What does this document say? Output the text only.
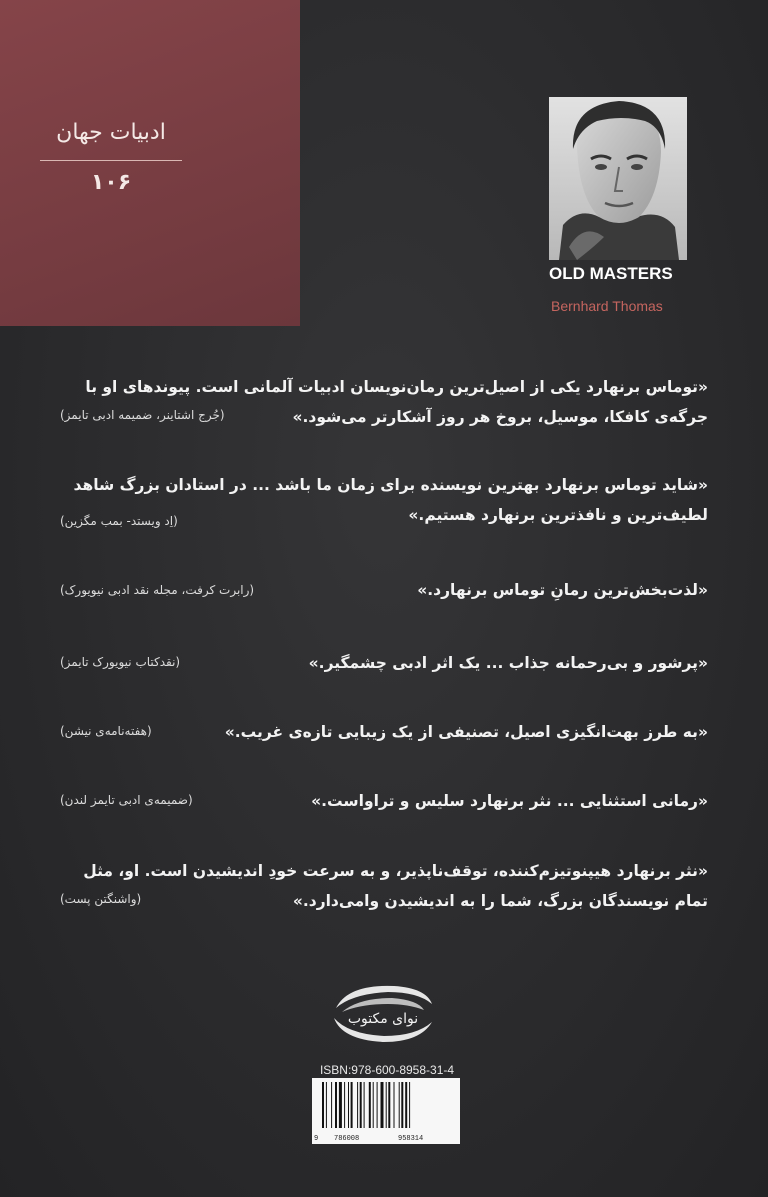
ادبیات جهان
۱۰۶
OLD MASTERS
Bernhard Thomas
«توماس برنهارد یکی از اصیل‌ترین رمان‌نویسان ادبیات آلمانی است. پیوندهای او با
جرگه‌ی کافکا، موسیل، بروخ هر روز آشکارتر می‌شود.»
(جُرج اشتاینر، ضمیمه ادبی تایمز)
«شاید توماس برنهارد بهترین نویسنده برای زمان ما باشد ... در استادان بزرگ شاهد
لطیف‌ترین و نافذترین برنهارد هستیم.»
(اِد ویستد- بمب مگزین)
«لذت‌بخش‌ترین رمانِ توماس برنهارد.»
(رابرت کرفت، مجله نقد ادبی نیویورک)
«پرشور و بی‌رحمانه جذاب ... یک اثر ادبی چشمگیر.»
(نقدکتاب نیویورک تایمز)
«به طرز بهت‌انگیزی اصیل، تصنیفی از یک زیبایی تازه‌ی غریب.»
(هفته‌نامه‌ی نیشن)
«رمانی استثنایی ... نثر برنهارد سلیس و تراواست.»
(ضمیمه‌ی ادبی تایمز لندن)
«نثر برنهارد هیپنوتیزم‌کننده، توقف‌ناپذیر، و به سرعت خودِ اندیشیدن است. او، مثل
تمام نویسندگان بزرگ، شما را به اندیشیدن وامی‌دارد.»
(واشنگتن پست)
نوای مکتوب
ISBN:978-600-8958-31-4
9 786008	958314
